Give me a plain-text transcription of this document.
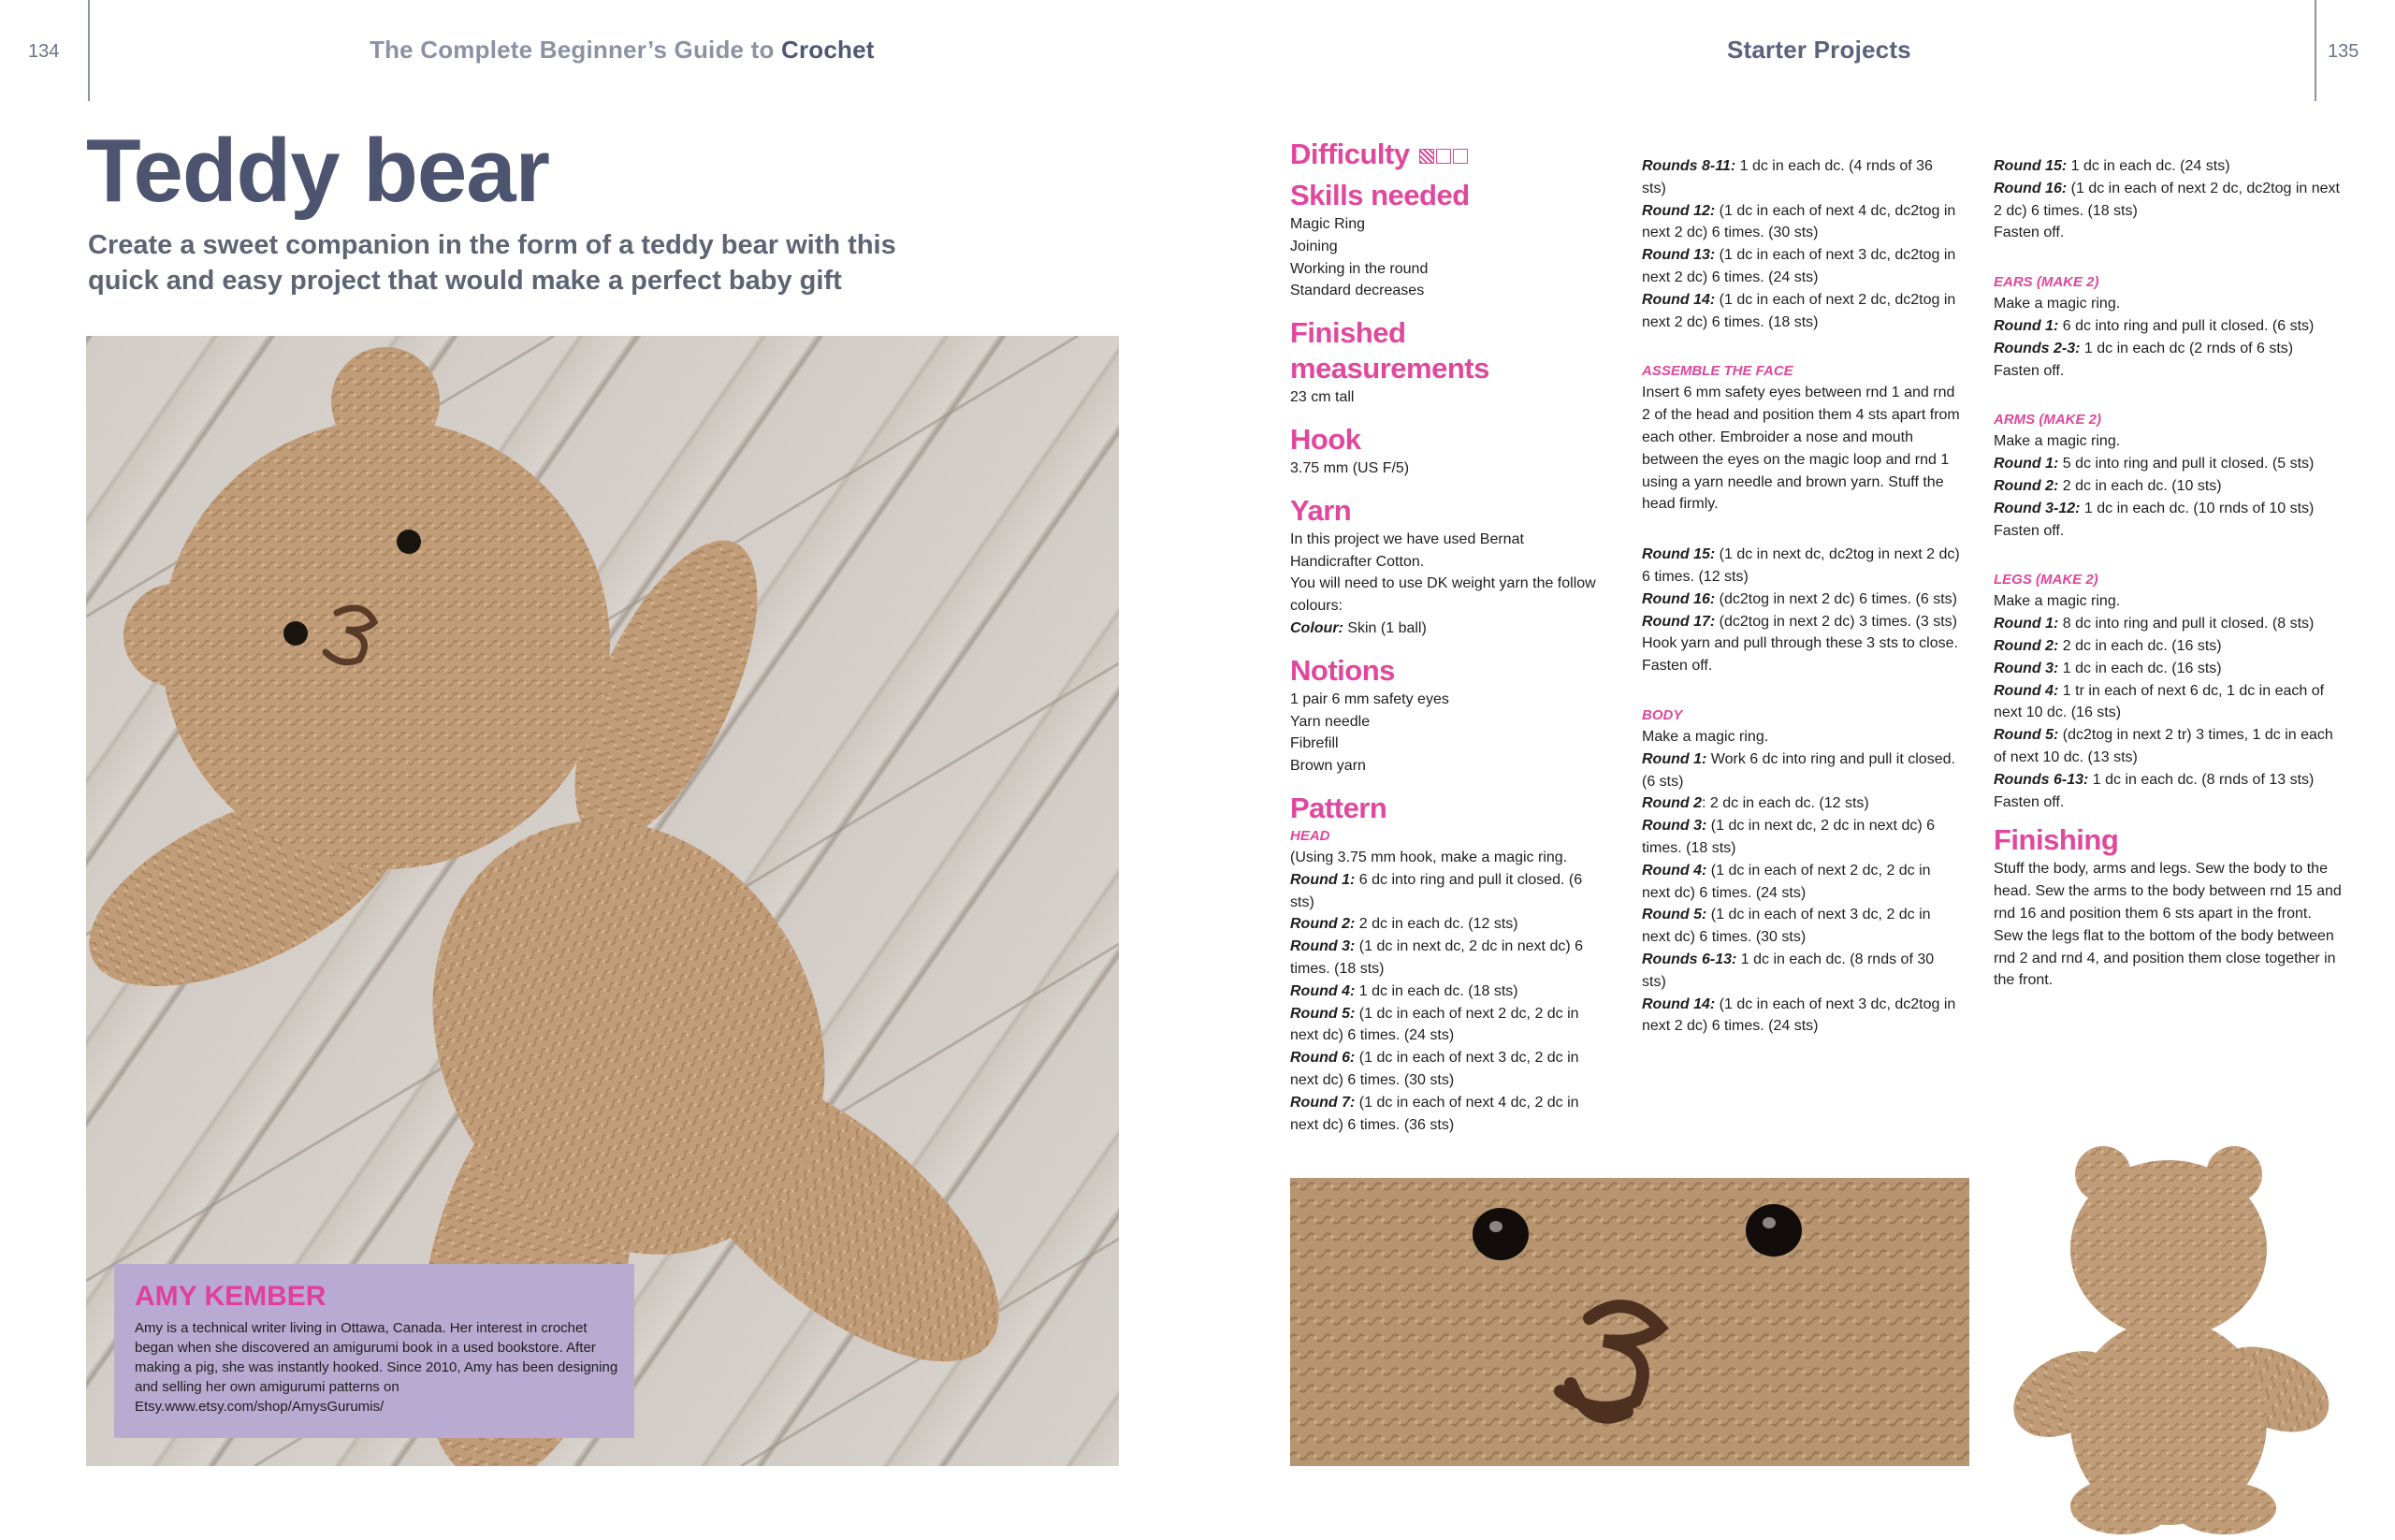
134	The Complete Beginner’s Guide to Crochet	Starter Projects	135
Teddy bear
Create a sweet companion in the form of a teddy bear with this quick and easy project that would make a perfect baby gift
AMY KEMBER
Amy is a technical writer living in Ottawa, Canada. Her interest in crochet began when she discovered an amigurumi book in a used bookstore. After making a pig, she was instantly hooked. Since 2010, Amy has been designing and selling her own amigurumi patterns on Etsy.www.etsy.com/shop/AmysGurumis/
Difficulty
Skills needed

Magic Ring

Joining

Working in the round

Standard decreases

Finished measurements

23 cm tall

Hook

3.75 mm (US F/5)

Yarn

In this project we have used Bernat Handicrafter Cotton.

You will need to use DK weight yarn the follow colours:

Colour: Skin (1 ball)

Notions

1 pair 6 mm safety eyes

Yarn needle

Fibrefill

Brown yarn

Pattern
HEAD

(Using 3.75 mm hook, make a magic ring.

Round 1: 6 dc into ring and pull it closed. (6 sts)

Round 2: 2 dc in each dc. (12 sts)

Round 3: (1 dc in next dc, 2 dc in next dc) 6 times. (18 sts)

Round 4: 1 dc in each dc. (18 sts)

Round 5: (1 dc in each of next 2 dc, 2 dc in next dc) 6 times. (24 sts)

Round 6: (1 dc in each of next 3 dc, 2 dc in next dc) 6 times. (30 sts)

Round 7: (1 dc in each of next 4 dc, 2 dc in next dc) 6 times. (36 sts)

Rounds 8-11: 1 dc in each dc. (4 rnds of 36 sts)

Round 12: (1 dc in each of next 4 dc, dc2tog in next 2 dc) 6 times. (30 sts)

Round 13: (1 dc in each of next 3 dc, dc2tog in next 2 dc) 6 times. (24 sts)

Round 14: (1 dc in each of next 2 dc, dc2tog in next 2 dc) 6 times. (18 sts)

ASSEMBLE THE FACE

Insert 6 mm safety eyes between rnd 1 and rnd 2 of the head and position them 4 sts apart from each other. Embroider a nose and mouth between the eyes on the magic loop and rnd 1 using a yarn needle and brown yarn. Stuff the head firmly.

Round 15: (1 dc in next dc, dc2tog in next 2 dc) 6 times. (12 sts)

Round 16: (dc2tog in next 2 dc) 6 times. (6 sts)

Round 17: (dc2tog in next 2 dc) 3 times. (3 sts)

Hook yarn and pull through these 3 sts to close.

Fasten off.

BODY

Make a magic ring.

Round 1: Work 6 dc into ring and pull it closed. (6 sts)

Round 2: 2 dc in each dc. (12 sts)

Round 3: (1 dc in next dc, 2 dc in next dc) 6 times. (18 sts)

Round 4: (1 dc in each of next 2 dc, 2 dc in next dc) 6 times. (24 sts)

Round 5: (1 dc in each of next 3 dc, 2 dc in next dc) 6 times. (30 sts)

Rounds 6-13: 1 dc in each dc. (8 rnds of 30 sts)

Round 14: (1 dc in each of next 3 dc, dc2tog in next 2 dc) 6 times. (24 sts)

Round 15: 1 dc in each dc. (24 sts)

Round 16: (1 dc in each of next 2 dc, dc2tog in next 2 dc) 6 times. (18 sts)

Fasten off.

EARS (MAKE 2)

Make a magic ring.

Round 1: 6 dc into ring and pull it closed. (6 sts)

Rounds 2-3: 1 dc in each dc (2 rnds of 6 sts)

Fasten off.

ARMS (MAKE 2)

Make a magic ring.

Round 1: 5 dc into ring and pull it closed. (5 sts)

Round 2: 2 dc in each dc. (10 sts)

Round 3-12: 1 dc in each dc. (10 rnds of 10 sts)

Fasten off.

LEGS (MAKE 2)

Make a magic ring.

Round 1: 8 dc into ring and pull it closed. (8 sts)

Round 2: 2 dc in each dc. (16 sts)

Round 3: 1 dc in each dc. (16 sts)

Round 4: 1 tr in each of next 6 dc, 1 dc in each of next 10 dc. (16 sts)

Round 5: (dc2tog in next 2 tr) 3 times, 1 dc in each of next 10 dc. (13 sts)

Rounds 6-13: 1 dc in each dc. (8 rnds of 13 sts)

Fasten off.

Finishing

Stuff the body, arms and legs. Sew the body to the head. Sew the arms to the body between rnd 15 and rnd 16 and position them 6 sts apart in the front.

Sew the legs flat to the bottom of the body between rnd 2 and rnd 4, and position them close together in the front.
